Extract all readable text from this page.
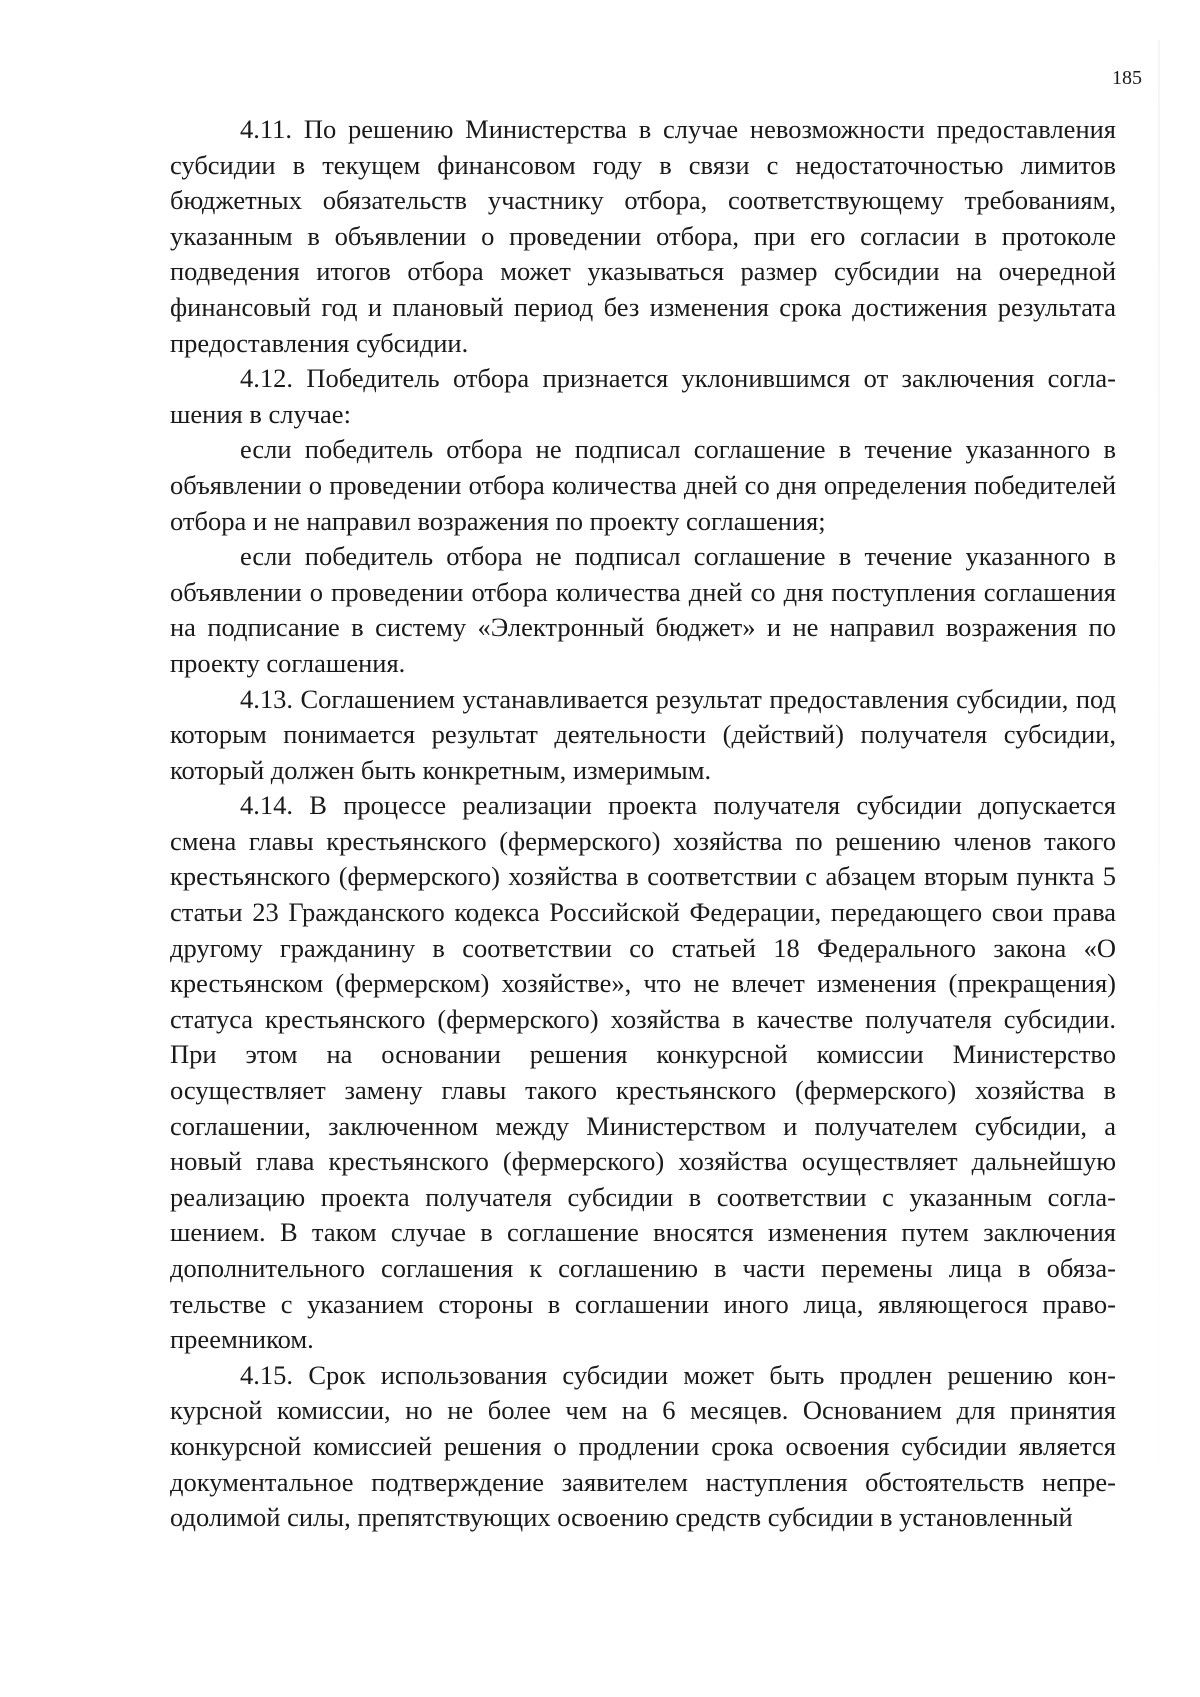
185

4.11. По решению Министерства в случае невозможности предоставления субсидии в текущем финансовом году в связи с недостаточностью лимитов бюджетных обязательств участнику отбора, соответствующему требованиям, указанным в объявлении о проведении отбора, при его согласии в протоколе подведения итогов отбора может указываться размер субсидии на очередной финансовый год и плановый период без изменения срока достижения результата предоставления субсидии.

4.12. Победитель отбора признается уклонившимся от заключения соглашения в случае:

если победитель отбора не подписал соглашение в течение указанного в объявлении о проведении отбора количества дней со дня определения победителей отбора и не направил возражения по проекту соглашения;

если победитель отбора не подписал соглашение в течение указанного в объявлении о проведении отбора количества дней со дня поступления соглашения на подписание в систему «Электронный бюджет» и не направил возражения по проекту соглашения.

4.13. Соглашением устанавливается результат предоставления субсидии, под которым понимается результат деятельности (действий) получателя субсидии, который должен быть конкретным, измеримым.

4.14. В процессе реализации проекта получателя субсидии допускается смена главы крестьянского (фермерского) хозяйства по решению членов такого крестьянского (фермерского) хозяйства в соответствии с абзацем вторым пункта 5 статьи 23 Гражданского кодекса Российской Федерации, передающего свои права другому гражданину в соответствии со статьей 18 Федерального закона «О крестьянском (фермерском) хозяйстве», что не влечет изменения (прекращения) статуса крестьянского (фермерского) хозяйства в качестве получателя субсидии. При этом на основании решения конкурсной комиссии Министерство осуществляет замену главы такого крестьянского (фермерского) хозяйства в соглашении, заключенном между Министерством и получателем субсидии, а новый глава крестьянского (фермерского) хозяйства осуществляет дальнейшую реализацию проекта получателя субсидии в соответствии с указанным соглашением. В таком случае в соглашение вносятся изменения путем заключения дополнительного соглашения к соглашению в части перемены лица в обязательстве с указанием стороны в соглашении иного лица, являющегося правопреемником.

4.15. Срок использования субсидии может быть продлен решению конкурсной комиссии, но не более чем на 6 месяцев. Основанием для принятия конкурсной комиссией решения о продлении срока освоения субсидии является документальное подтверждение заявителем наступления обстоятельств непреодолимой силы, препятствующих освоению средств субсидии в установленный
